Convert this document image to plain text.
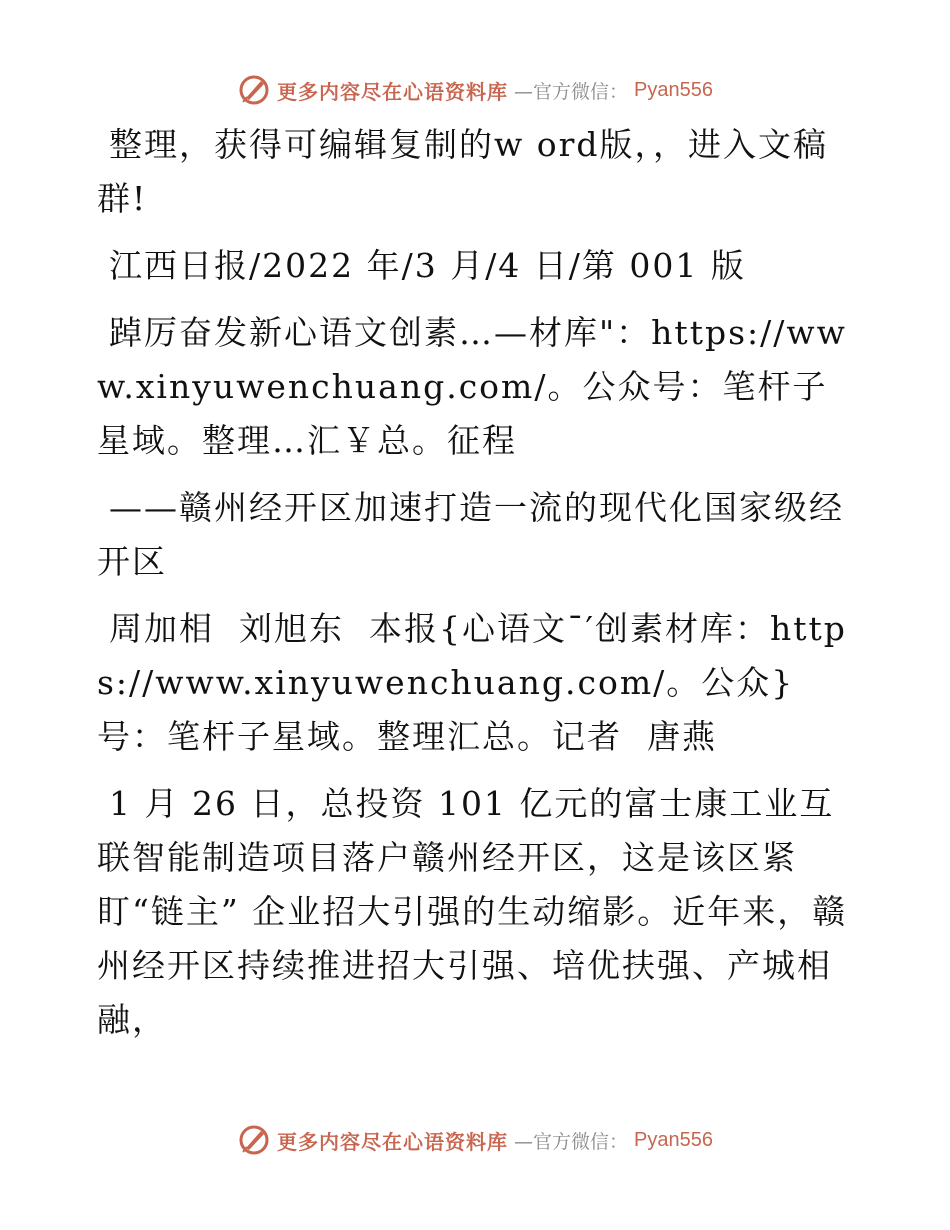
更多内容尽在心语资料库 —官方微信： Pyan556

整理，获得可编辑复制的w ord版，，进入文稿群!

江西日报/2022 年/3 月/4 日/第 001 版

踔厉奋发新心语文创素…—材库"：https://www.xinyuwenchuang.com/。公众号：笔杆子星域。整理…汇￥总。征程

——赣州经开区加速打造一流的现代化国家级经开区

周加相  刘旭东  本报{心语文¯′创素材库：https://www.xinyuwenchuang.com/。公众}号：笔杆子星域。整理汇总。记者  唐燕

1 月 26 日，总投资 101 亿元的富士康工业互联智能制造项目落户赣州经开区，这是该区紧盯“链主” 企业招大引强的生动缩影。近年来，赣州经开区持续推进招大引强、培优扶强、产城相融，

更多内容尽在心语资料库 —官方微信： Pyan556
